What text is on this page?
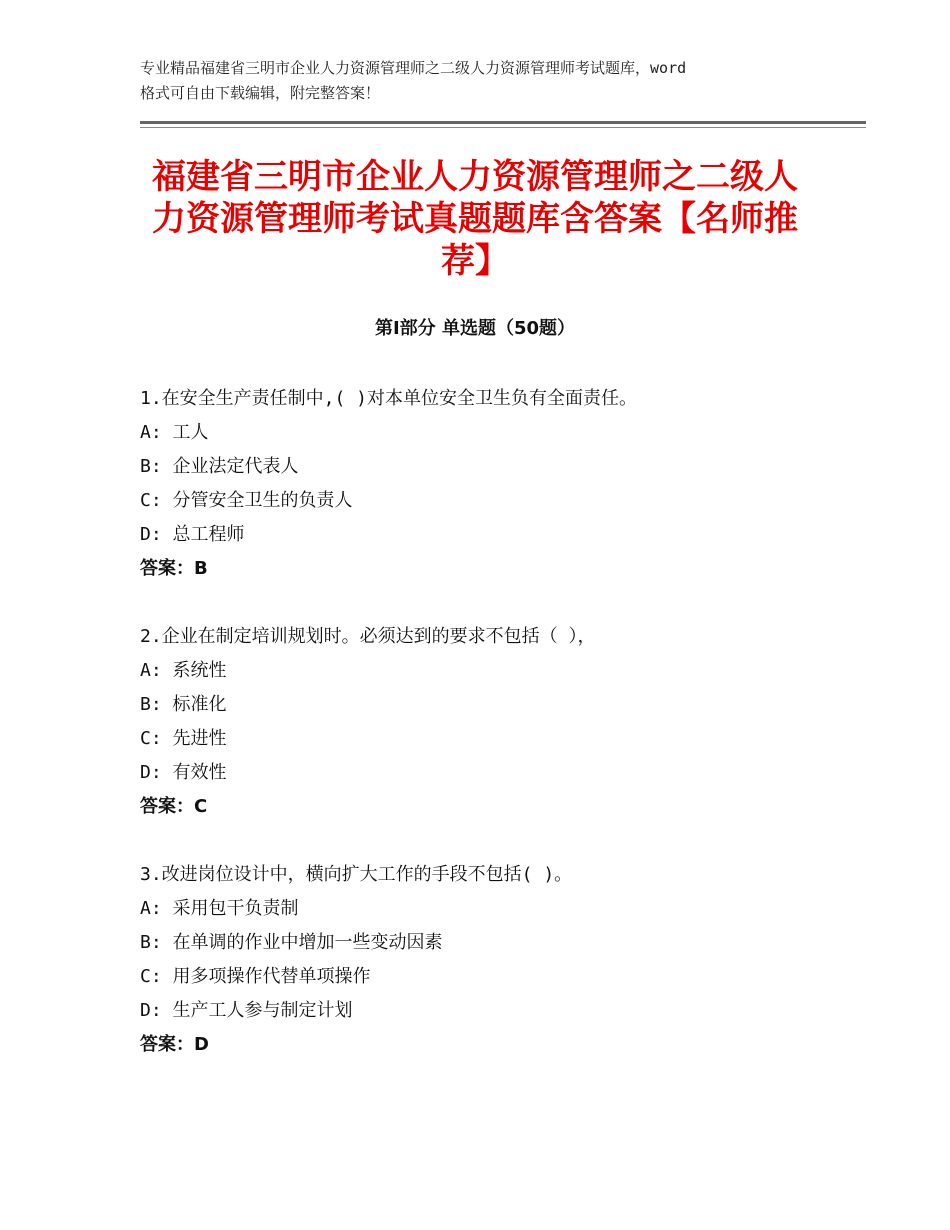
专业精品福建省三明市企业人力资源管理师之二级人力资源管理师考试题库，word
格式可自由下载编辑，附完整答案！
福建省三明市企业人力资源管理师之二级人
力资源管理师考试真题题库含答案【名师推
荐】
第Ⅰ部分 单选题（50题）
1.在安全生产责任制中,( )对本单位安全卫生负有全面责任。
A: 工人
B: 企业法定代表人
C: 分管安全卫生的负责人
D: 总工程师
答案：B
2.企业在制定培训规划时。必须达到的要求不包括（ ），
A: 系统性
B: 标准化
C: 先进性
D: 有效性
答案：C
3.改进岗位设计中，横向扩大工作的手段不包括( )。
A: 采用包干负责制
B: 在单调的作业中增加一些变动因素
C: 用多项操作代替单项操作
D: 生产工人参与制定计划
答案：D
